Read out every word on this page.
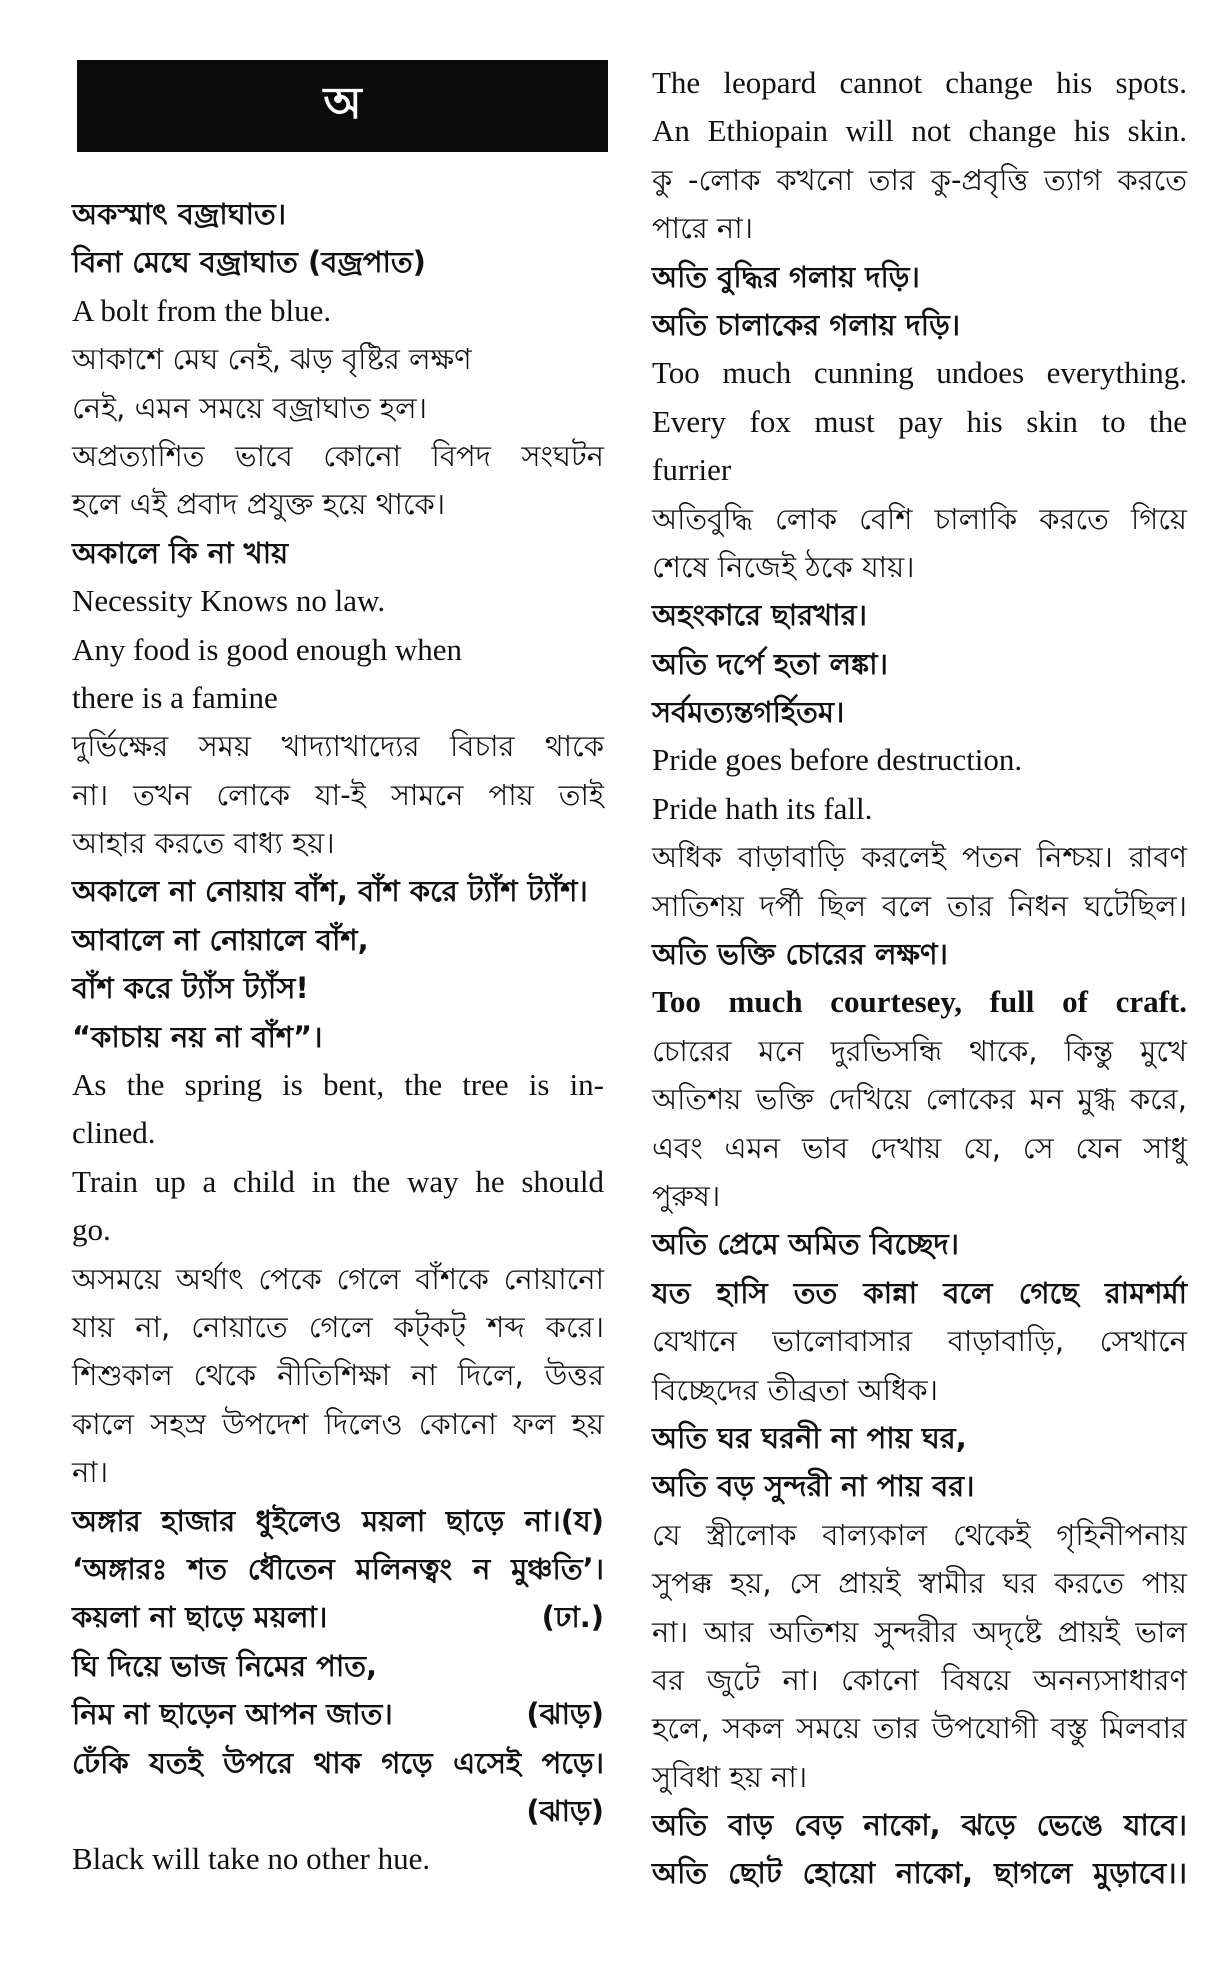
অ
অকস্মাৎ বজ্রাঘাত।
বিনা মেঘে বজ্রাঘাত (বজ্রপাত)
A bolt from the blue.
আকাশে মেঘ নেই, ঝড় বৃষ্টির লক্ষণ
নেই, এমন সময়ে বজ্রাঘাত হল।
অপ্রত্যাশিত ভাবে কোনো বিপদ সংঘটন
হলে এই প্রবাদ প্রযুক্ত হয়ে থাকে।
অকালে কি না খায়
Necessity Knows no law.
Any food is good enough when
there is a famine
দুর্ভিক্ষের সময় খাদ্যাখাদ্যের বিচার থাকে
না। তখন লোকে যা-ই সামনে পায় তাই
আহার করতে বাধ্য হয়।
অকালে না নোয়ায় বাঁশ, বাঁশ করে ট্যাঁশ ট্যাঁশ।
আবালে না নোয়ালে বাঁশ,
বাঁশ করে ট্যাঁস ট্যাঁস!
“কাচায় নয় না বাঁশ”।
As the spring is bent, the tree is in-
clined.
Train up a child in the way he should
go.
অসময়ে অর্থাৎ পেকে গেলে বাঁশকে নোয়ানো
যায় না, নোয়াতে গেলে কট্‌কট্‌ শব্দ করে।
শিশুকাল থেকে নীতিশিক্ষা না দিলে, উত্তর
কালে সহস্র উপদেশ দিলেও কোনো ফল হয়
না।
অঙ্গার হাজার ধুইলেও ময়লা ছাড়ে না।(য)
‘অঙ্গারঃ শত ধৌতেন মলিনত্বং ন মুঞ্চতি’।
কয়লা না ছাড়ে ময়লা।	(ঢা.)
ঘি দিয়ে ভাজ নিমের পাত,
নিম না ছাড়েন আপন জাত।	(ঝাড়)
ঢেঁকি যতই উপরে থাক গড়ে এসেই পড়ে।
(ঝাড়)
Black will take no other hue.
The leopard cannot change his spots.
An Ethiopain will not change his skin.
কু -লোক কখনো তার কু-প্রবৃত্তি ত্যাগ করতে
পারে না।
অতি বুদ্ধির গলায় দড়ি।
অতি চালাকের গলায় দড়ি।
Too much cunning undoes everything.
Every fox must pay his skin to the
furrier
অতিবুদ্ধি লোক বেশি চালাকি করতে গিয়ে
শেষে নিজেই ঠকে যায়।
অহংকারে ছারখার।
অতি দর্পে হতা লঙ্কা।
সর্বমত্যন্তগর্হিতম।
Pride goes before destruction.
Pride hath its fall.
অধিক বাড়াবাড়ি করলেই পতন নিশ্চয়। রাবণ
সাতিশয় দর্পী ছিল বলে তার নিধন ঘটেছিল।
অতি ভক্তি চোরের লক্ষণ।
Too much courtesey, full of craft.
চোরের মনে দুরভিসন্ধি থাকে, কিন্তু মুখে
অতিশয় ভক্তি দেখিয়ে লোকের মন মুগ্ধ করে,
এবং এমন ভাব দেখায় যে, সে যেন সাধু
পুরুষ।
অতি প্রেমে অমিত বিচ্ছেদ।
যত হাসি তত কান্না বলে গেছে রামশর্মা
যেখানে ভালোবাসার বাড়াবাড়ি, সেখানে
বিচ্ছেদের তীব্রতা অধিক।
অতি ঘর ঘরনী না পায় ঘর,
অতি বড় সুন্দরী না পায় বর।
যে স্ত্রীলোক বাল্যকাল থেকেই গৃহিনীপনায়
সুপক্ক হয়, সে প্রায়ই স্বামীর ঘর করতে পায়
না। আর অতিশয় সুন্দরীর অদৃষ্টে প্রায়ই ভাল
বর জুটে না। কোনো বিষয়ে অনন্যসাধারণ
হলে, সকল সময়ে তার উপযোগী বস্তু মিলবার
সুবিধা হয় না।
অতি বাড় বেড় নাকো, ঝড়ে ভেঙে যাবে।
অতি ছোট হোয়ো নাকো, ছাগলে মুড়াবে।।
